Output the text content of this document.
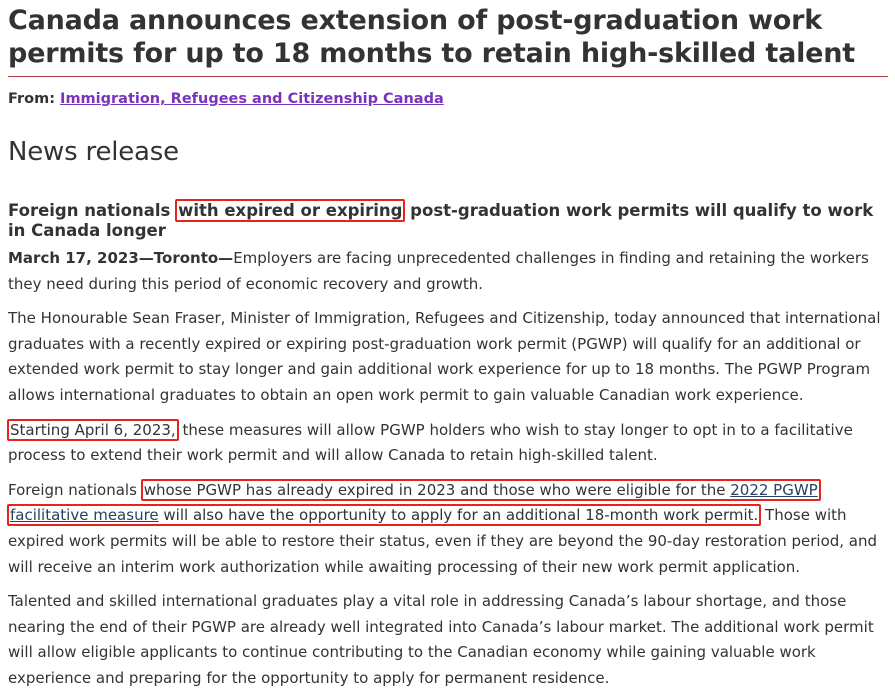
Canada announces extension of post-graduation work permits for up to 18 months to retain high-skilled talent
From: Immigration, Refugees and Citizenship Canada
News release
Foreign nationals with expired or expiring post-graduation work permits will qualify to work in Canada longer

March 17, 2023—Toronto—Employers are facing unprecedented challenges in finding and retaining the workers they need during this period of economic recovery and growth.

The Honourable Sean Fraser, Minister of Immigration, Refugees and Citizenship, today announced that international graduates with a recently expired or expiring post-graduation work permit (PGWP) will qualify for an additional or extended work permit to stay longer and gain additional work experience for up to 18 months. The PGWP Program allows international graduates to obtain an open work permit to gain valuable Canadian work experience.

Starting April 6, 2023, these measures will allow PGWP holders who wish to stay longer to opt in to a facilitative process to extend their work permit and will allow Canada to retain high-skilled talent.

Foreign nationals whose PGWP has already expired in 2023 and those who were eligible for the 2022 PGWP facilitative measure will also have the opportunity to apply for an additional 18-month work permit. Those with expired work permits will be able to restore their status, even if they are beyond the 90-day restoration period, and will receive an interim work authorization while awaiting processing of their new work permit application.

Talented and skilled international graduates play a vital role in addressing Canada’s labour shortage, and those nearing the end of their PGWP are already well integrated into Canada’s labour market. The additional work permit will allow eligible applicants to continue contributing to the Canadian economy while gaining valuable work experience and preparing for the opportunity to apply for permanent residence.
